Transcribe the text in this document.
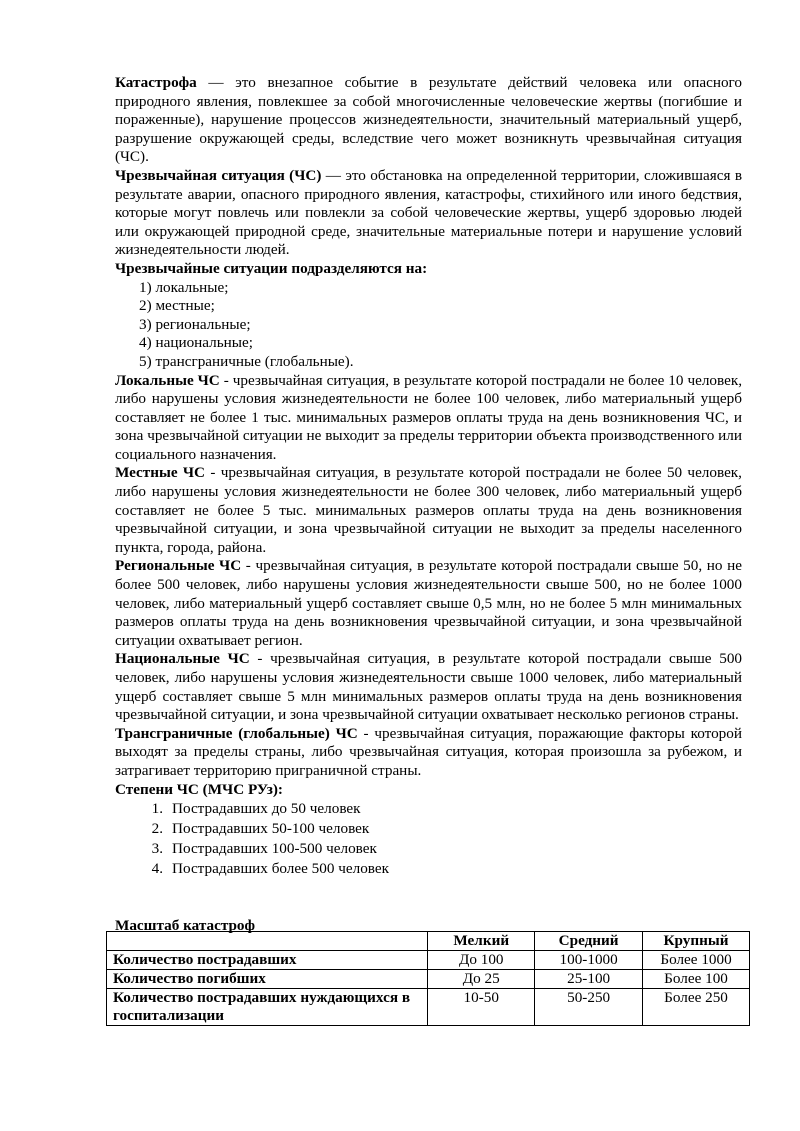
Катастрофа — это внезапное событие в результате действий человека или опасного природного явления, повлекшее за собой многочисленные человеческие жертвы (погибшие и пораженные), нарушение процессов жизнедеятельности, значительный материальный ущерб, разрушение окружающей среды, вследствие чего может возникнуть чрезвычайная ситуация (ЧС).

Чрезвычайная ситуация (ЧС) — это обстановка на определенной территории, сложившаяся в результате аварии, опасного природного явления, катастрофы, стихийного или иного бедствия, которые могут повлечь или повлекли за собой человеческие жертвы, ущерб здоровью людей или окружающей природной среде, значительные материальные потери и нарушение условий жизнедеятельности людей.

Чрезвычайные ситуации подразделяются на:

1) локальные;
2) местные;
3) региональные;
4) национальные;
5) трансграничные (глобальные).

Локальные ЧС - чрезвычайная ситуация, в результате которой пострадали не более 10 человек, либо нарушены условия жизнедеятельности не более 100 человек, либо материальный ущерб составляет не более 1 тыс. минимальных размеров оплаты труда на день возникновения ЧС, и зона чрезвычайной ситуации не выходит за пределы территории объекта производственного или социального назначения.

Местные ЧС - чрезвычайная ситуация, в результате которой пострадали не более 50 человек, либо нарушены условия жизнедеятельности не более 300 человек, либо материальный ущерб составляет не более 5 тыс. минимальных размеров оплаты труда на день возникновения чрезвычайной ситуации, и зона чрезвычайной ситуации не выходит за пределы населенного пункта, города, района.

Региональные ЧС - чрезвычайная ситуация, в результате которой пострадали свыше 50, но не более 500 человек, либо нарушены условия жизнедеятельности свыше 500, но не более 1000 человек, либо материальный ущерб составляет свыше 0,5 млн, но не более 5 млн минимальных размеров оплаты труда на день возникновения чрезвычайной ситуации, и зона чрезвычайной ситуации охватывает регион.

Национальные ЧС - чрезвычайная ситуация, в результате которой пострадали свыше 500 человек, либо нарушены условия жизнедеятельности свыше 1000 человек, либо материальный ущерб составляет свыше 5 млн минимальных размеров оплаты труда на день возникновения чрезвычайной ситуации, и зона чрезвычайной ситуации охватывает несколько регионов страны.

Трансграничные (глобальные) ЧС - чрезвычайная ситуация, поражающие факторы которой выходят за пределы страны, либо чрезвычайная ситуация, которая произошла за рубежом, и затрагивает территорию приграничной страны.

Степени ЧС (МЧС РУз):

1. Пострадавших до 50 человек
2. Пострадавших 50-100 человек
3. Пострадавших 100-500 человек
4. Пострадавших более 500 человек
Масштаб катастроф
	Мелкий	Средний	Крупный
Количество пострадавших	До 100	100-1000	Более 1000
Количество погибших	До 25	25-100	Более 100
Количество пострадавших нуждающихся в госпитализации	10-50	50-250	Более 250
